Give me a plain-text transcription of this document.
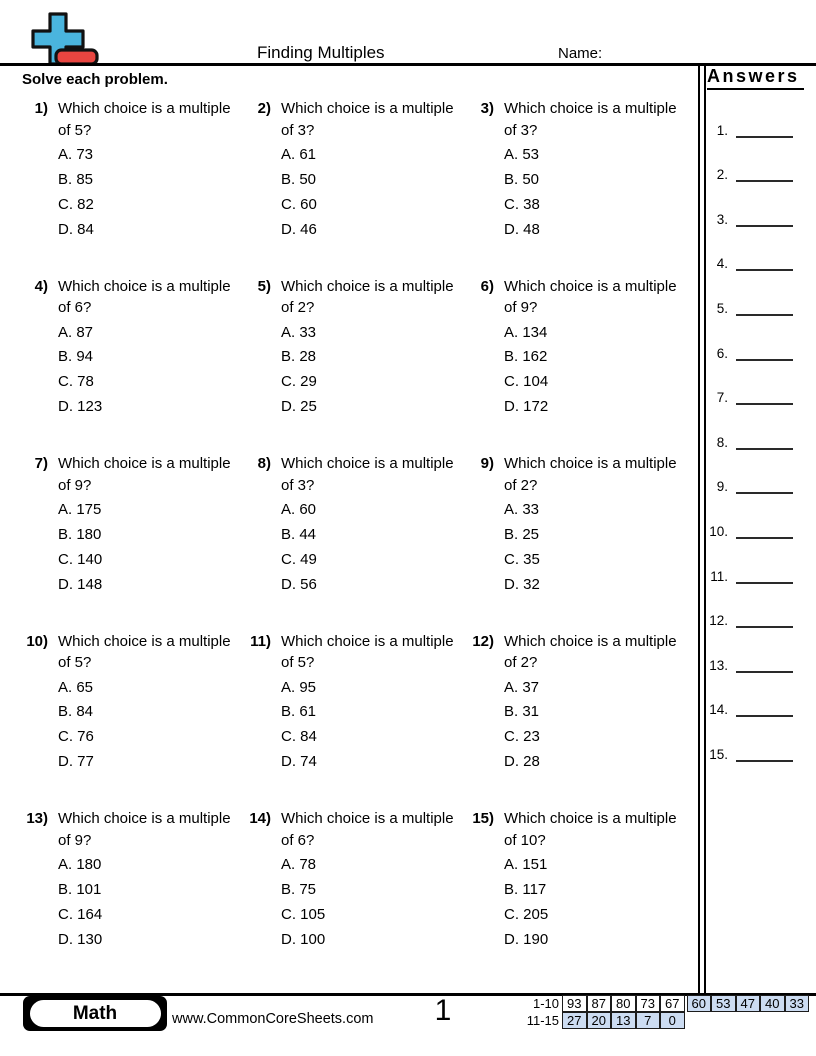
Finding Multiples	Name:
Solve each problem.	Answers
1.
2.
3.
4.
5.
6.
7.
8.
9.
10.
11.
12.
13.
14.
15.
1) Which choice is a multiple
of 5?
A. 73
B. 85
C. 82
D. 84
2) Which choice is a multiple
of 3?
A. 61
B. 50
C. 60
D. 46
3) Which choice is a multiple
of 3?
A. 53
B. 50
C. 38
D. 48
4) Which choice is a multiple
of 6?
A. 87
B. 94
C. 78
D. 123
5) Which choice is a multiple
of 2?
A. 33
B. 28
C. 29
D. 25
6) Which choice is a multiple
of 9?
A. 134
B. 162
C. 104
D. 172
7) Which choice is a multiple
of 9?
A. 175
B. 180
C. 140
D. 148
8) Which choice is a multiple
of 3?
A. 60
B. 44
C. 49
D. 56
9) Which choice is a multiple
of 2?
A. 33
B. 25
C. 35
D. 32
10) Which choice is a multiple
of 5?
A. 65
B. 84
C. 76
D. 77
11) Which choice is a multiple
of 5?
A. 95
B. 61
C. 84
D. 74
12) Which choice is a multiple
of 2?
A. 37
B. 31
C. 23
D. 28
13) Which choice is a multiple
of 9?
A. 180
B. 101
C. 164
D. 130
14) Which choice is a multiple
of 6?
A. 78
B. 75
C. 105
D. 100
15) Which choice is a multiple
of 10?
A. 151
B. 117
C. 205
D. 190
Math	www.CommonCoreSheets.com	1	1-10 93 87 80 73 67 60 53 47 40 33
11-15 27 20 13	7	0
